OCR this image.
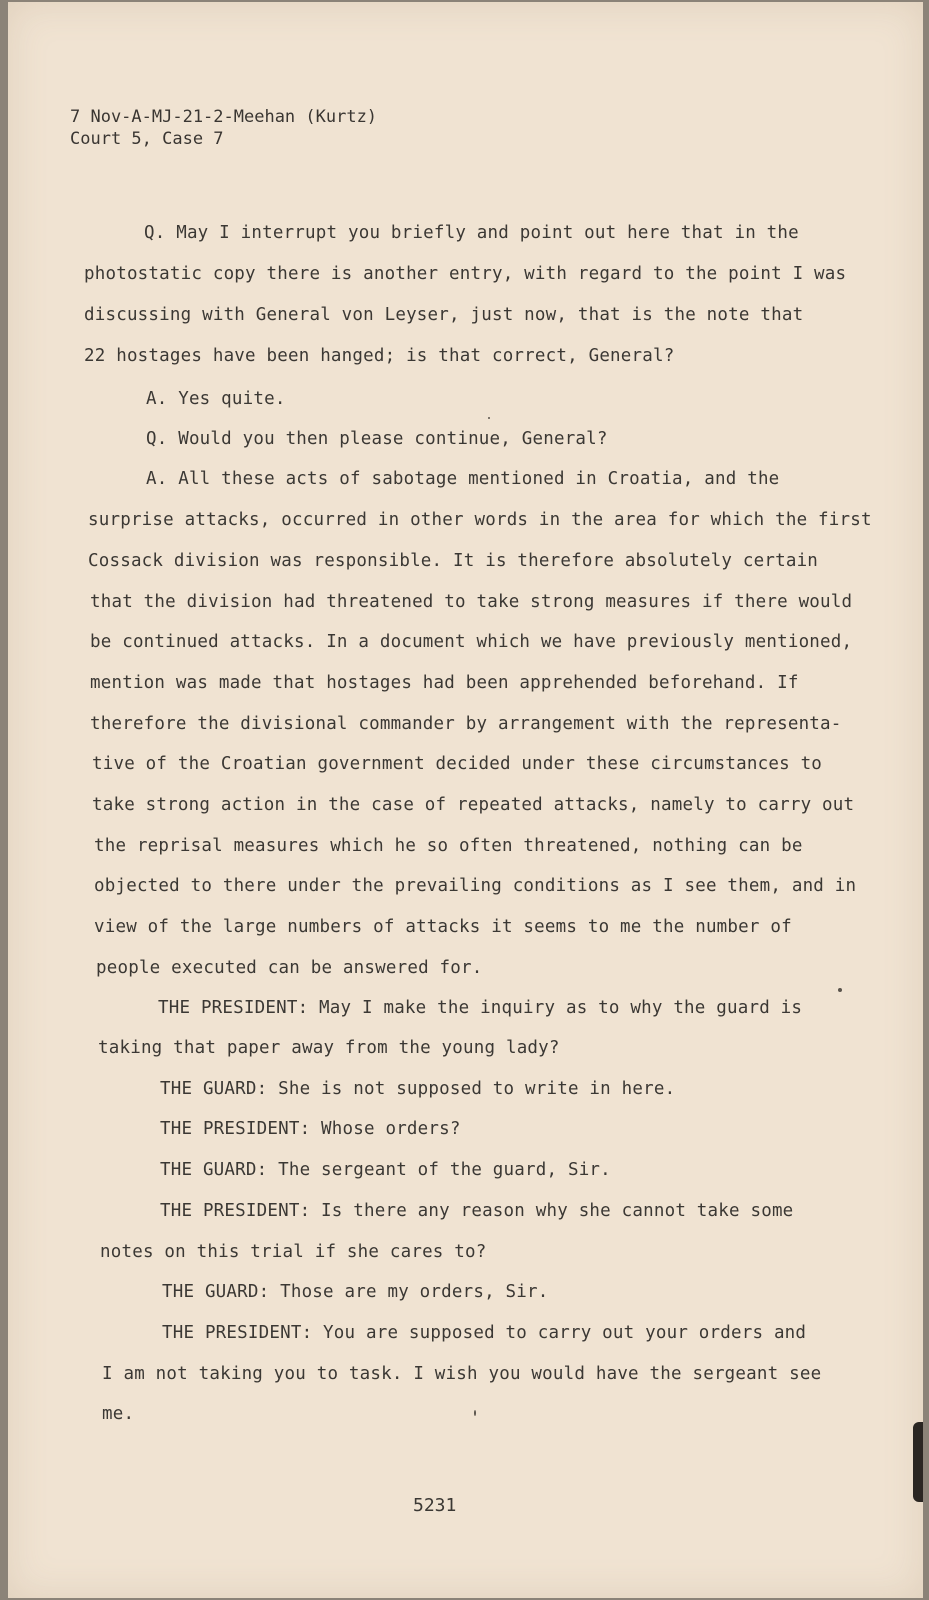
7 Nov-A-MJ-21-2-Meehan (Kurtz)
Court 5, Case 7
Q. May I interrupt you briefly and point out here that in the
photostatic copy there is another entry, with regard to the point I was
discussing with General von Leyser, just now, that is the note that
22 hostages have been hanged; is that correct, General?
A. Yes quite.
Q. Would you then please continue, General?
A. All these acts of sabotage mentioned in Croatia, and the
surprise attacks, occurred in other words in the area for which the first
Cossack division was responsible. It is therefore absolutely certain
that the division had threatened to take strong measures if there would
be continued attacks. In a document which we have previously mentioned,
mention was made that hostages had been apprehended beforehand. If
therefore the divisional commander by arrangement with the representa-
tive of the Croatian government decided under these circumstances to
take strong action in the case of repeated attacks, namely to carry out
the reprisal measures which he so often threatened, nothing can be
objected to there under the prevailing conditions as I see them, and in
view of the large numbers of attacks it seems to me the number of
people executed can be answered for.
THE PRESIDENT: May I make the inquiry as to why the guard is
taking that paper away from the young lady?
THE GUARD: She is not supposed to write in here.
THE PRESIDENT: Whose orders?
THE GUARD: The sergeant of the guard, Sir.
THE PRESIDENT: Is there any reason why she cannot take some
notes on this trial if she cares to?
THE GUARD: Those are my orders, Sir.
THE PRESIDENT: You are supposed to carry out your orders and
I am not taking you to task. I wish you would have the sergeant see
me.
5231
